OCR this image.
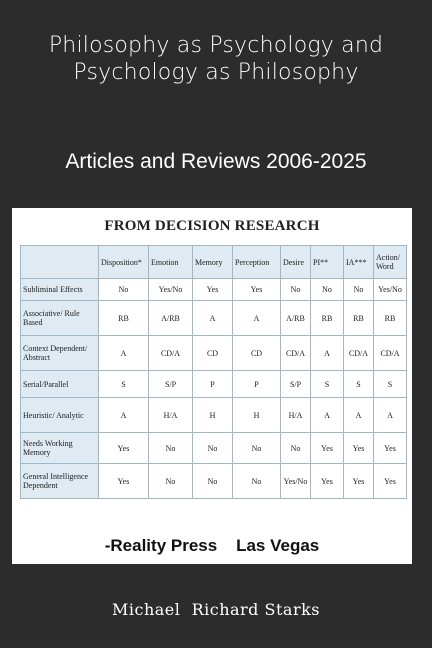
Philosophy as Psychology and
Psychology as Philosophy
Articles and Reviews 2006-2025
FROM DECISION RESEARCH
	Disposition*	Emotion	Memory	Perception	Desire	PI**	IA***	Action/ Word
Subliminal Effects	No	Yes/No	Yes	Yes	No	No	No	Yes/No
Associative/ Rule Based	RB	A/RB	A	A	A/RB	RB	RB	RB
Context Dependent/ Abstract	A	CD/A	CD	CD	CD/A	A	CD/A	CD/A
Serial/Parallel	S	S/P	P	P	S/P	S	S	S
Heuristic/ Analytic	A	H/A	H	H	H/A	A	A	A
Needs Working Memory	Yes	No	No	No	No	Yes	Yes	Yes
General Intelligence Dependent	Yes	No	No	No	Yes/No	Yes	Yes	Yes
-Reality Press    Las Vegas
Michael  Richard Starks
